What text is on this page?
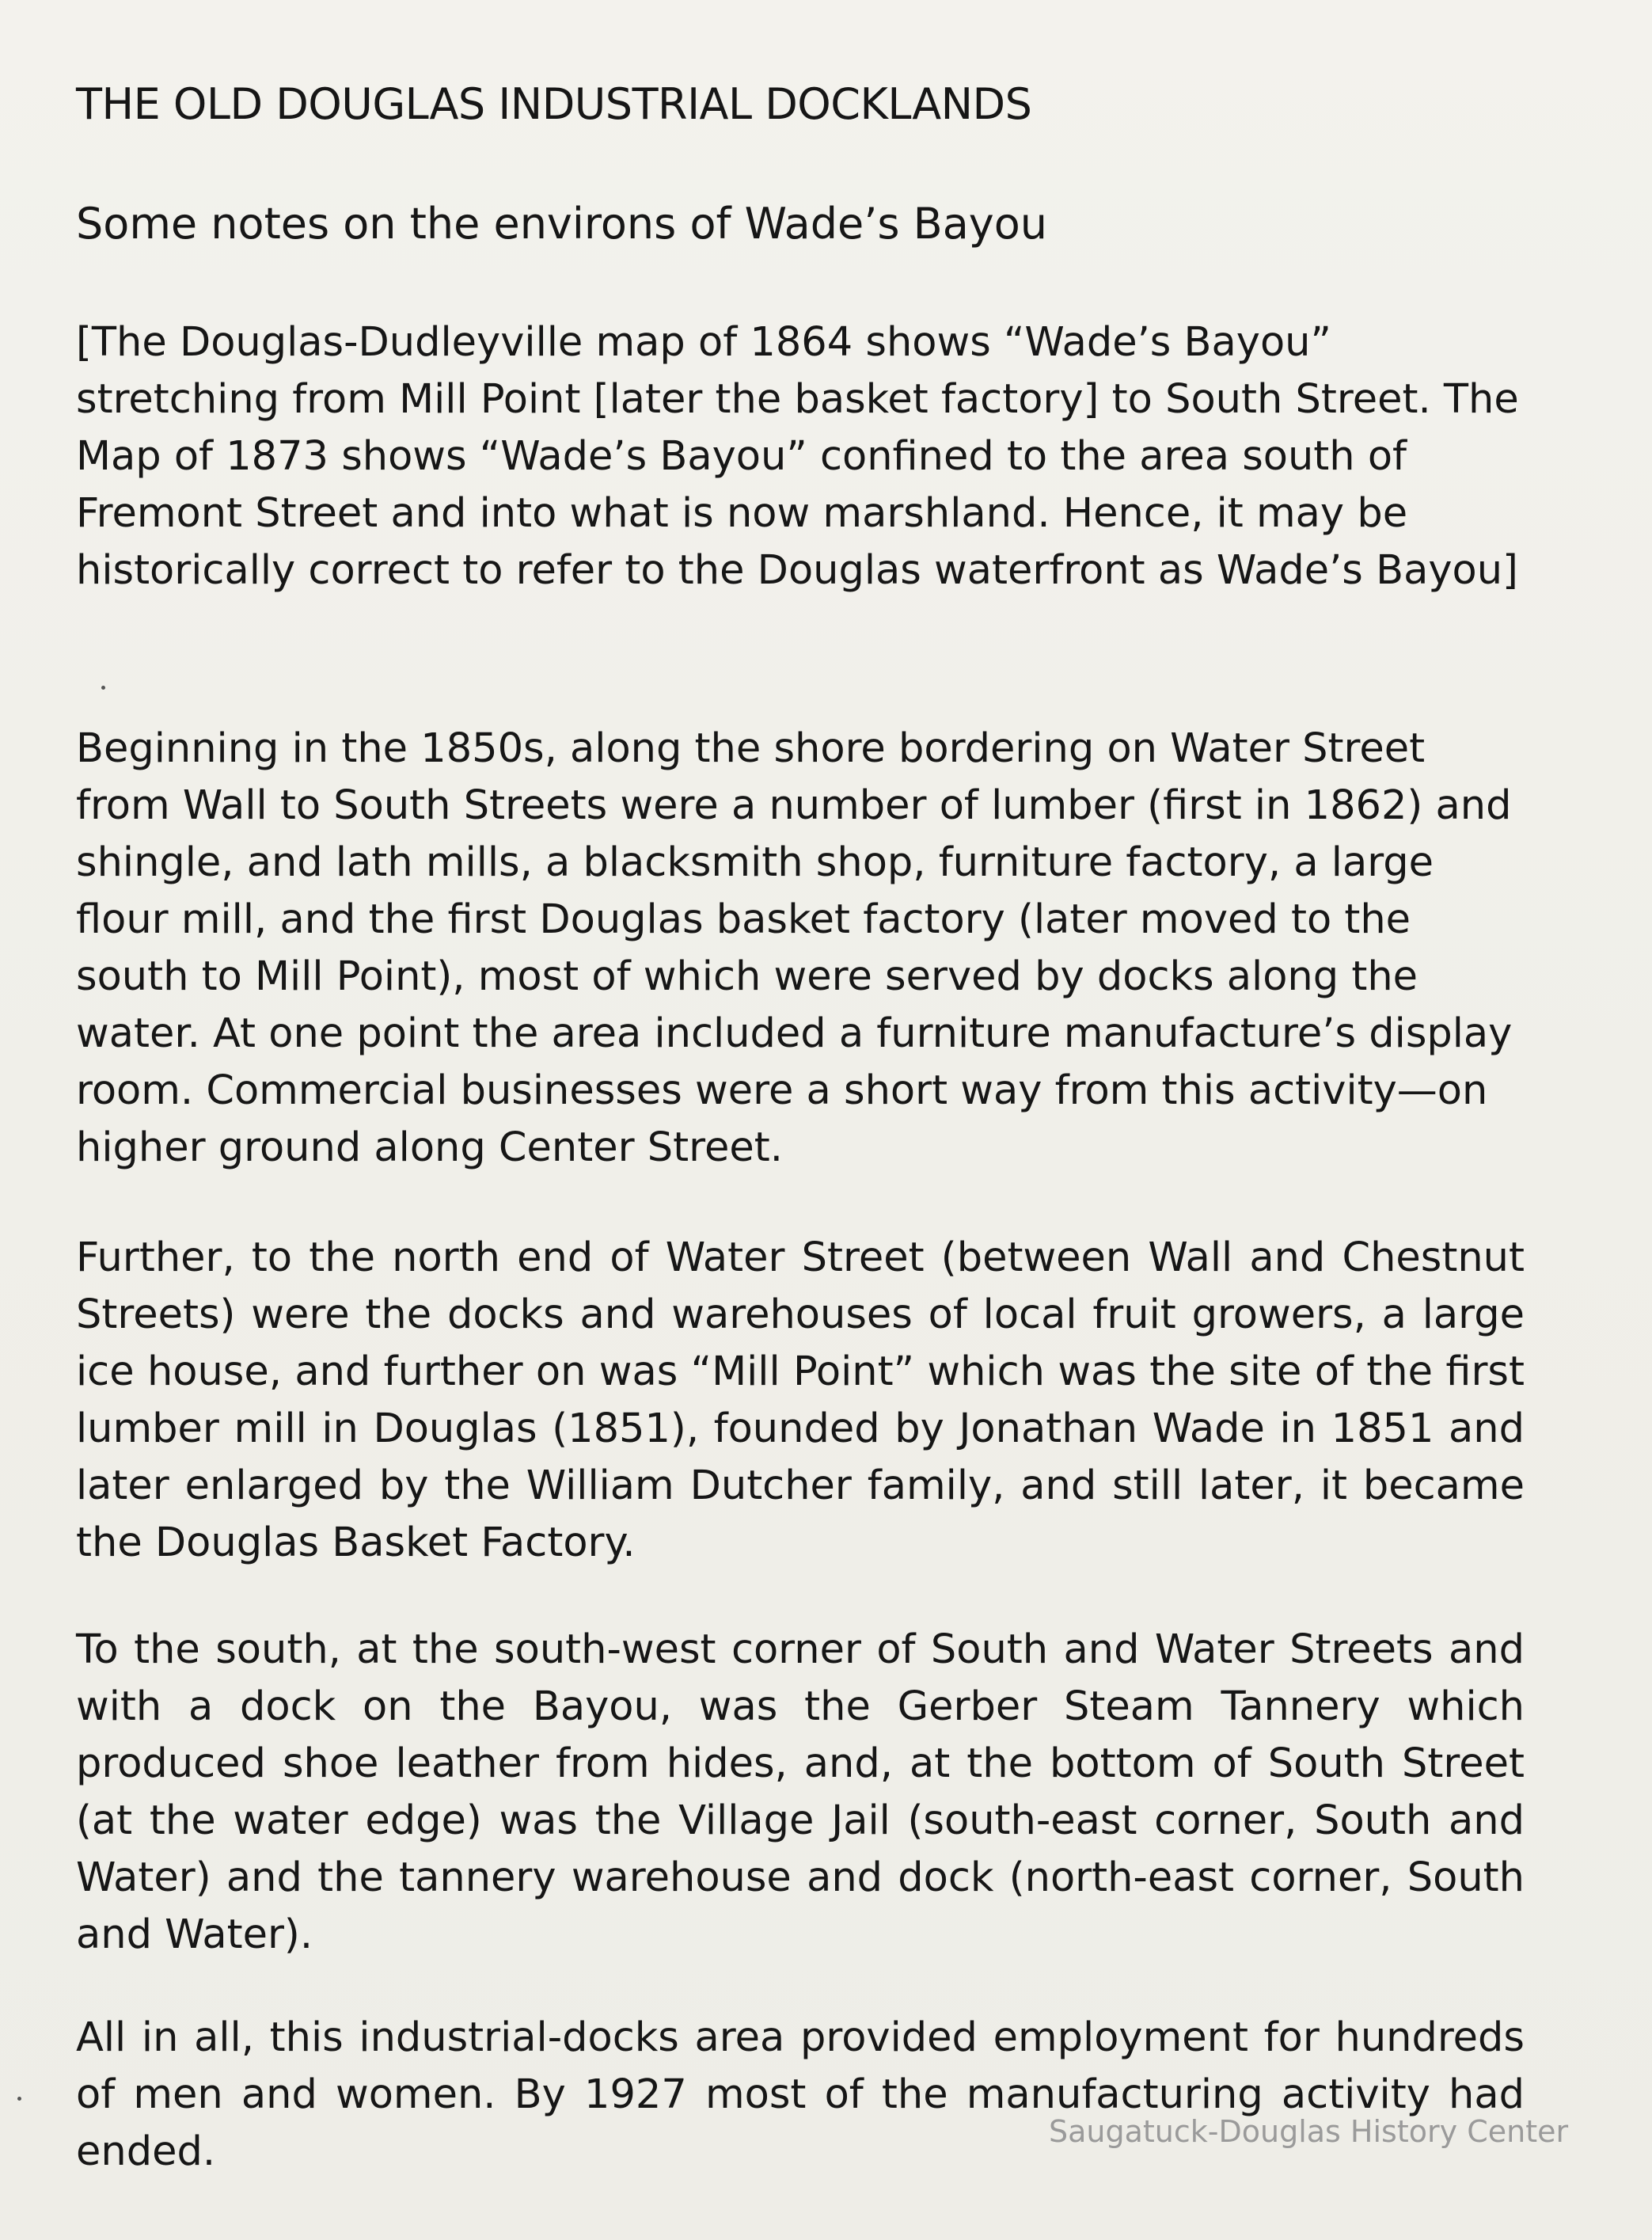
THE OLD DOUGLAS INDUSTRIAL DOCKLANDS
Some notes on the environs of Wade’s Bayou

[The Douglas-Dudleyville map of 1864 shows “Wade’s Bayou” stretching from Mill Point [later the basket factory] to South Street. The Map of 1873 shows “Wade’s Bayou” confined to the area south of Fremont Street and into what is now marshland. Hence, it may be historically correct to refer to the Douglas waterfront as Wade’s Bayou]

Beginning in the 1850s, along the shore bordering on Water Street from Wall to South Streets were a number of lumber (first in 1862) and shingle, and lath mills, a blacksmith shop, furniture factory, a large flour mill, and the first Douglas basket factory (later moved to the south to Mill Point), most of which were served by docks along the water. At one point the area included a furniture manufacture’s display room. Commercial businesses were a short way from this activity—on higher ground along Center Street.

Further, to the north end of Water Street (between Wall and Chestnut Streets) were the docks and warehouses of local fruit growers, a large ice house, and further on was “Mill Point” which was the site of the first lumber mill in Douglas (1851), founded by Jonathan Wade in 1851 and later enlarged by the William Dutcher family, and still later, it became the Douglas Basket Factory.

To the south, at the south-west corner of South and Water Streets and with a dock on the Bayou, was the Gerber Steam Tannery which produced shoe leather from hides, and, at the bottom of South Street (at the water edge) was the Village Jail (south-east corner, South and Water) and the tannery warehouse and dock (north-east corner, South and Water).

All in all, this industrial-docks area provided employment for hundreds of men and women. By 1927 most of the manufacturing activity had ended.	Saugatuck-Douglas History Center
